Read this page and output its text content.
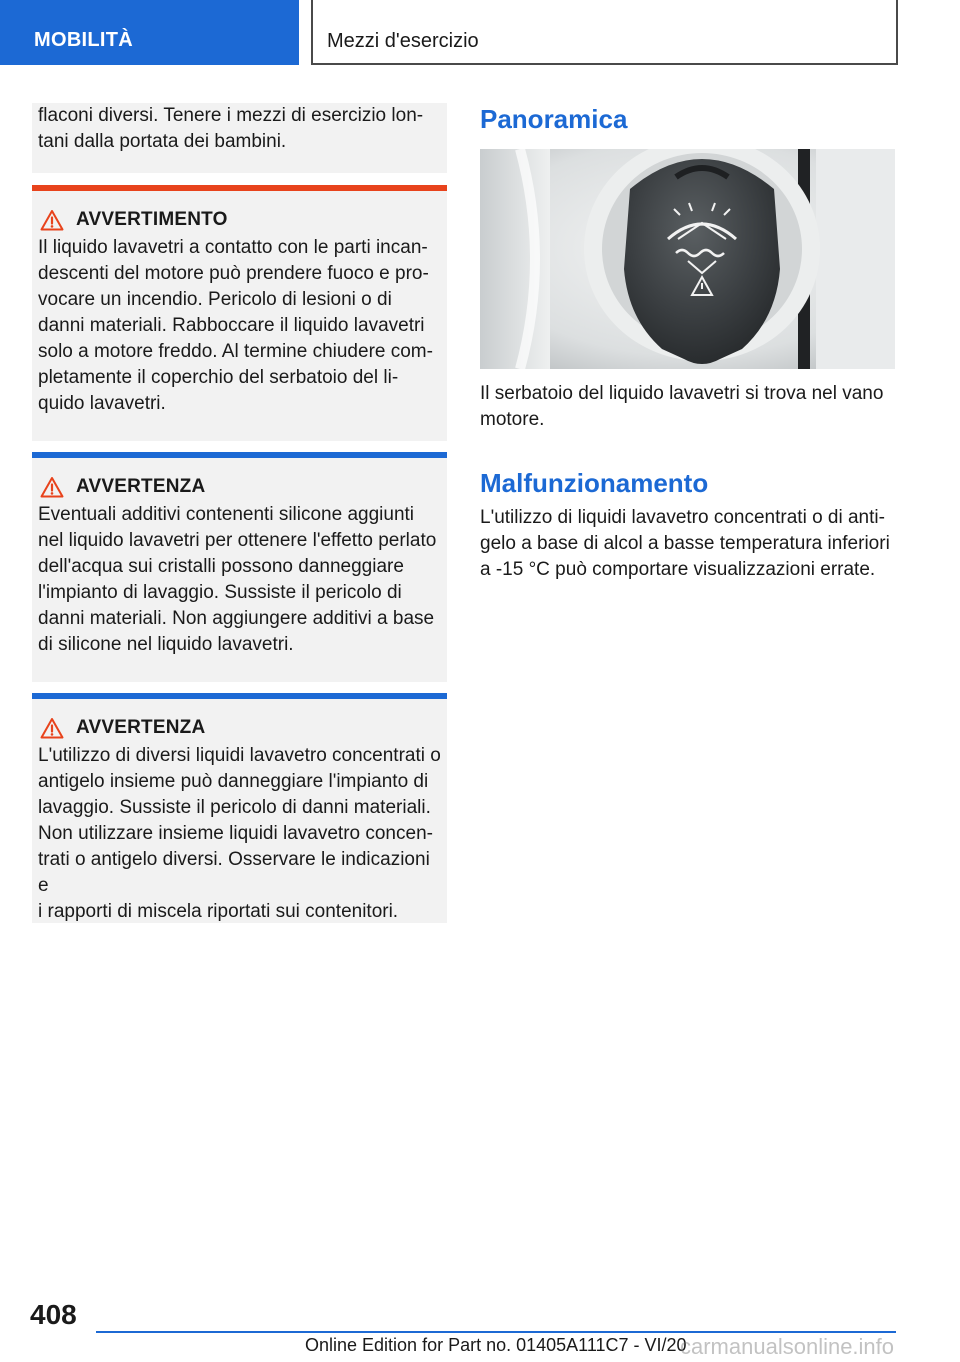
MOBILITÀ	Mezzi d'esercizio

flaconi diversi. Tenere i mezzi di esercizio lon-
tani dalla portata dei bambini.

AVVERTIMENTO

Il liquido lavavetri a contatto con le parti incan-
descenti del motore può prendere fuoco e pro-
vocare un incendio. Pericolo di lesioni o di
danni materiali. Rabboccare il liquido lavavetri
solo a motore freddo. Al termine chiudere com-
pletamente il coperchio del serbatoio del li-
quido lavavetri.

AVVERTENZA

Eventuali additivi contenenti silicone aggiunti
nel liquido lavavetri per ottenere l'effetto perlato
dell'acqua sui cristalli possono danneggiare
l'impianto di lavaggio. Sussiste il pericolo di
danni materiali. Non aggiungere additivi a base
di silicone nel liquido lavavetri.

AVVERTENZA

L'utilizzo di diversi liquidi lavavetro concentrati o
antigelo insieme può danneggiare l'impianto di
lavaggio. Sussiste il pericolo di danni materiali.
Non utilizzare insieme liquidi lavavetro concen-
trati o antigelo diversi. Osservare le indicazioni e
i rapporti di miscela riportati sui contenitori.

Panoramica

Il serbatoio del liquido lavavetri si trova nel vano
motore.

Malfunzionamento

L'utilizzo di liquidi lavavetro concentrati o di anti-
gelo a base di alcol a basse temperatura inferiori
a -15 °C può comportare visualizzazioni errate.

408
Online Edition for Part no. 01405A111C7 - VI/20
carmanualsonline.info
